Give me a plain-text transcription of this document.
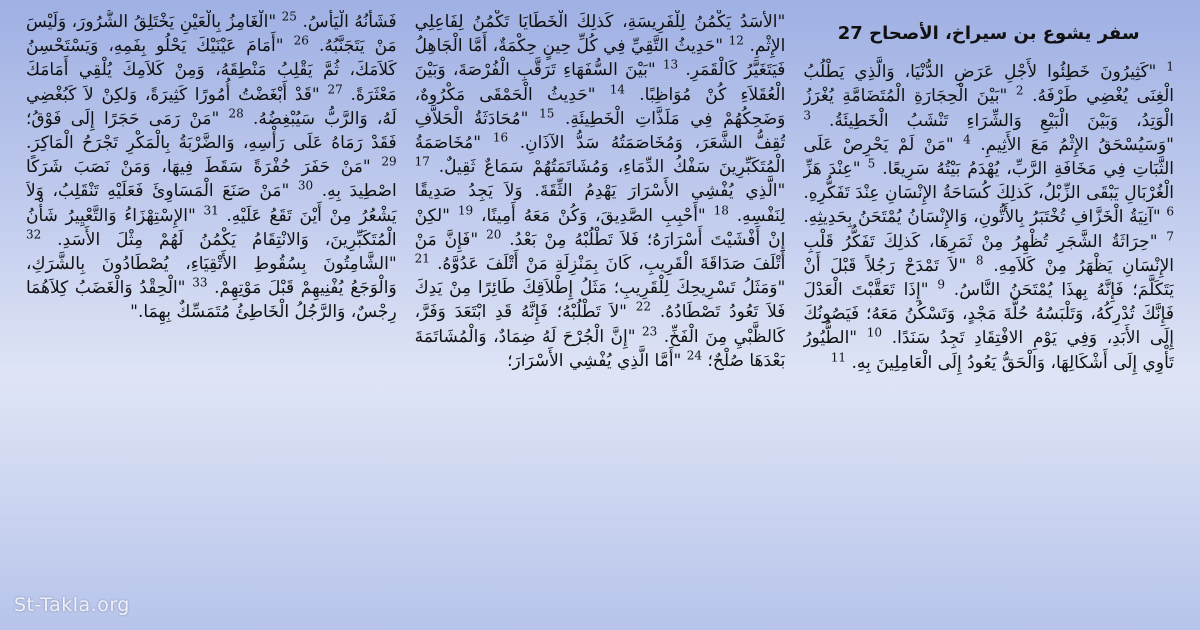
سفر يشوع بن سيراخ، الأصحاح 27
$^1$ "كَثِيرُونَ خَطِئُوا لأَجْلِ عَرَضِ الدُّنْيَا، وَالَّذِي يَطْلُبُ الْغِنَى يُغْضِي طَرْفَهُ. $^2$ "بَيْنَ الْحِجَارَةِ الْمُتَضَامَّةِ يُغْرَزُ الْوَتِدُ، وَبَيْنَ الْبَيْعِ وَالشِّرَاءِ تَنْشَبُ الْخَطِيئَةُ. $^3$ "وَسَيُسْحَقُ الإِثْمُ مَعَ الأَثِيمِ. $^4$ "مَنْ لَمْ يَحْرِصْ عَلَى الثَّبَاتِ فِي مَخَافَةِ الرَّبِّ، يُهْدَمُ بَيْتُهُ سَرِيعًا. $^5$ "عِنْدَ هَزِّ الْغُرْبَالِ يَبْقَى الزِّبْلُ، كَذلِكَ كُسَاحَةُ الإِنْسَانِ عِنْدَ تَفَكُّرِهِ. $^6$ "آنِيَةُ الْخَزَّافِ تُخْتَبَرُ بِالأَتُّونِ، وَالإِنْسَانُ يُمْتَحَنُ بِحَدِيثِهِ. $^7$ "حِرَاثَةُ الشَّجَرِ تُظْهِرُ مِنْ ثَمَرِهَا، كَذلِكَ تَفَكُّرُ قَلْبِ الإِنْسَانِ يَظْهَرُ مِنْ كَلاَمِهِ. $^8$ "لاَ تَمْدَحْ رَجُلاً قَبْلَ أَنْ يَتَكَلَّمَ؛ فَإِنَّهُ بِهذَا يُمْتَحَنُ النَّاسُ. $^9$ "إِذَا تَعَقَّبْتَ الْعَدْلَ فَإِنَّكَ تُدْرِكُهُ، وَتَلْبَسُهُ حُلَّةَ مَجْدٍ، وَتَسْكُنُ مَعَهُ؛ فَيَصُونُكَ إِلَى الأَبَدِ، وَفِي يَوْمِ الافْتِقَادِ تَجِدُ سَنَدًا. $^{10}$ "الطُّيُورُ تَأْوِي إِلَى أَشْكَالِهَا، وَالْحَقُّ يَعُودُ إِلَى الْعَامِلِينَ بِهِ. $^{11}$
"الأَسَدُ يَكْمُنُ لِلْفَرِيسَةِ، كَذلِكَ الْخَطَايَا تَكْمُنُ لِفَاعِلِي الإِثْمِ. $^{12}$ "حَدِيثُ التَّقِيِّ فِي كُلِّ حِينٍ حِكْمَةٌ، أَمَّا الْجَاهِلُ فَيَتَغَيَّرُ كَالْقَمَرِ. $^{13}$ "بَيْنَ السُّفَهَاءِ تَرَقَّبِ الْفُرْصَةَ، وَبَيْنَ الْعُقَلاَءِ كُنْ مُوَاظِبًا. $^{14}$ "حَدِيثُ الْحَمْقَى مَكْرُوهٌ، وَضَحِكُهُمْ فِي مَلَذَّاتِ الْخَطِيئَةِ. $^{15}$ "مُحَادَثَةُ الْحَلاَّفِ تُقِفُّ الشَّعَرَ، وَمُخَاصَمَتُهُ سَدُّ الآذَانِ. $^{16}$ "مُخَاصَمَةُ الْمُتَكَبِّرِينَ سَفْكُ الدِّمَاءِ، وَمُشَاتَمَتُهُمْ سَمَاعٌ ثَقِيلٌ. $^{17}$ "الَّذِي يُفْشِي الأَسْرَارَ يَهْدِمُ الثِّقَةَ. وَلاَ يَجِدُ صَدِيقًا لِنَفْسِهِ. $^{18}$ "أَحْبِبِ الصَّدِيقَ، وَكُنْ مَعَهُ أَمِينًا، $^{19}$ "لكِنْ إِنْ أَفْشَيْتَ أَسْرَارَهُ؛ فَلاَ تَطْلُبْهُ مِنْ بَعْدُ. $^{20}$ "فَإِنَّ مَنْ أَتْلَفَ صَدَاقَةَ الْقَرِيبِ، كَانَ بِمَنْزِلَةِ مَنْ أَتْلَفَ عَدُوَّهُ. $^{21}$ "وَمَثَلُ تَسْرِيحِكَ لِلْقَرِيبِ؛ مَثَلُ إِطْلاَقِكَ طَائِرًا مِنْ يَدِكَ فَلاَ تَعُودُ تَصْطَادُهُ. $^{22}$ "لاَ تَطْلُبْهُ؛ فَإِنَّهُ قَدِ ابْتَعَدَ وَفَرَّ، كَالظَّبْيِ مِنَ الْفَخِّ. $^{23}$ "إِنَّ الْجُرْحَ لَهُ ضِمَادٌ، وَالْمُشَاتَمَةَ بَعْدَهَا صُلْحٌ؛ $^{24}$ "أَمَّا الَّذِي يُفْشِي الأَسْرَارَ؛
فَشَأْنُهُ الْيَأْسُ. $^{25}$ "الْغَامِزُ بِالْعَيْنِ يَخْتَلِقُ الشُّرُورَ، وَلَيْسَ مَنْ يَتَجَنَّبُهُ. $^{26}$ "أَمَامَ عَيْنَيْكَ يَحْلُو بِفَمِهِ، وَيَسْتَحْسِنُ كَلاَمَكَ، ثُمَّ يَقْلِبُ مَنْطِقَهُ، وَمِنْ كَلاَمِكَ يُلْقِي أَمَامَكَ مَعْثَرَةً. $^{27}$ "قَدْ أَبْغَضْتُ أُمُورًا كَثِيرَةً، وَلكِنْ لاَ كَبُغْضِي لَهُ، وَالرَّبُّ سَيُبْغِضُهُ. $^{28}$ "مَنْ رَمَى حَجَرًا إِلَى فَوْقُ؛ فَقَدْ رَمَاهُ عَلَى رَأْسِهِ، وَالضَّرْبَةُ بِالْمَكْرِ تَجْرَحُ الْمَاكِرَ. $^{29}$ "مَنْ حَفَرَ حُفْرَةً سَقَطَ فِيهَا، وَمَنْ نَصَبَ شَرَكًا اصْطِيدَ بِهِ. $^{30}$ "مَنْ صَنَعَ الْمَسَاوِئَ فَعَلَيْهِ تَنْقَلِبُ، وَلاَ يَشْعُرُ مِنْ أَيْنَ تَقَعُ عَلَيْهِ. $^{31}$ "الإِسْتِهْزَاءُ وَالتَّعْيِيرُ شَأْنُ الْمُتَكَبِّرِينَ، وَالانْتِقَامُ يَكْمُنُ لَهُمْ مِثْلَ الأَسَدِ. $^{32}$ "الشَّامِتُونَ بِسُقُوطِ الأَتْقِيَاءِ، يُصْطَادُونَ بِالشَّرَكِ، وَالْوَجَعُ يُفْنِيهِمْ قَبْلَ مَوْتِهِمْ. $^{33}$ "الْحِقْدُ وَالْغَضَبُ كِلاَهُمَا رِجْسٌ، وَالرَّجُلُ الْخَاطِئُ مُتَمَسِّكٌ بِهِمَا."
St-Takla.org
